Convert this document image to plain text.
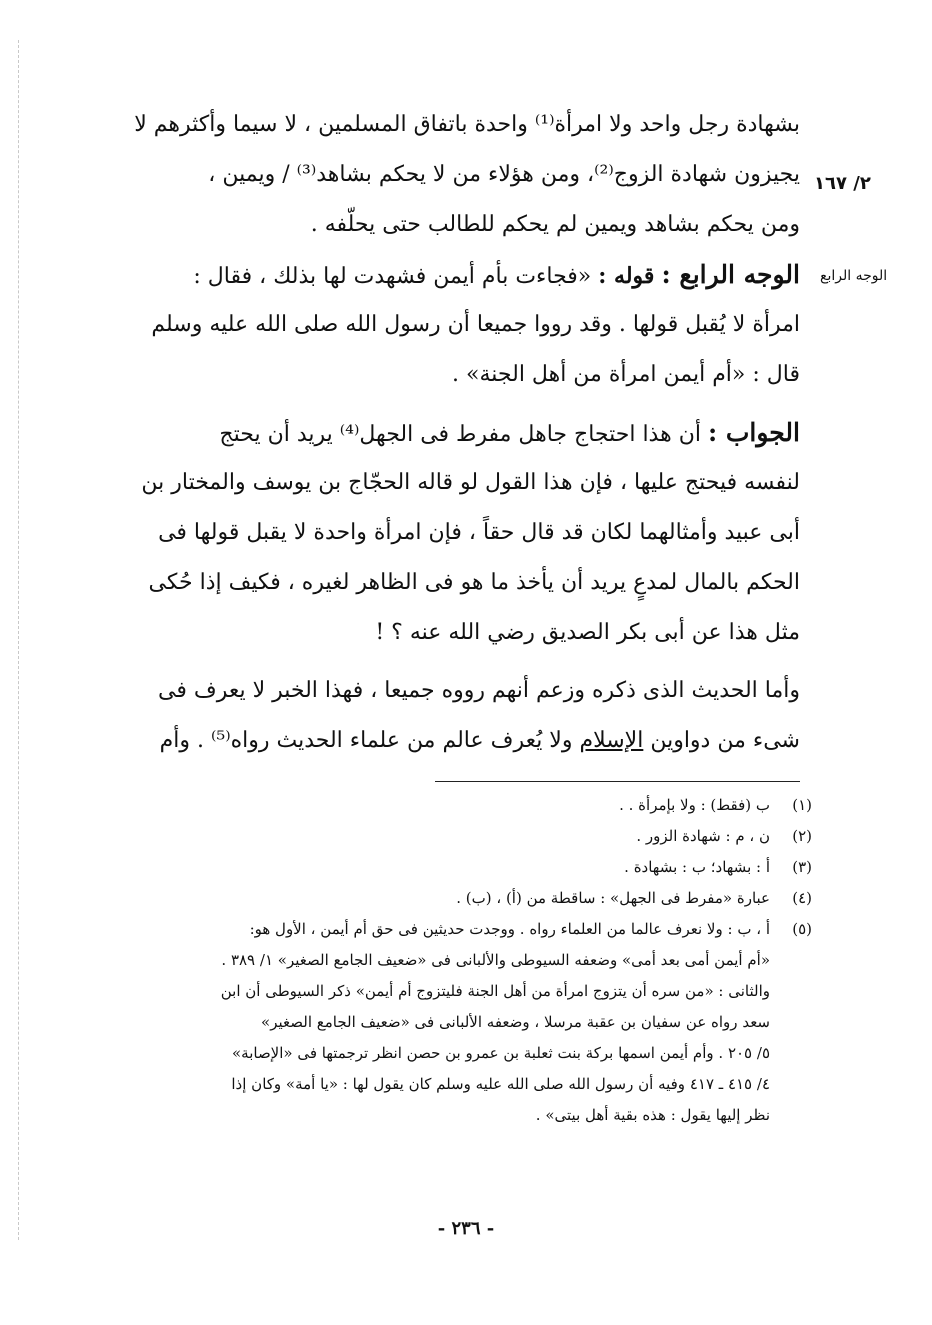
٢/ ١٦٧
الوجه الرابع
بشهادة رجل واحد ولا امرأة⁽¹⁾ واحدة باتفاق المسلمين ، لا سيما وأكثرهم لا
يجيزون شهادة الزوج⁽²⁾، ومن هؤلاء من لا يحكم بشاهد⁽³⁾ / ويمين ،
ومن يحكم بشاهد ويمين لم يحكم للطالب حتى يحلّفه .
الوجه الرابع : قوله : «فجاءت بأم أيمن فشهدت لها بذلك ، فقال :
امرأة لا يُقبل قولها . وقد رووا جميعا أن رسول الله صلى الله عليه وسلم
قال : «أم أيمن امرأة من أهل الجنة» .
الجواب : أن هذا احتجاج جاهل مفرط فى الجهل⁽⁴⁾ يريد أن يحتج
لنفسه فيحتج عليها ، فإن هذا القول لو قاله الحجّاج بن يوسف والمختار بن
أبى عبيد وأمثالهما لكان قد قال حقاً ، فإن امرأة واحدة لا يقبل قولها فى
الحكم بالمال لمدعٍ يريد أن يأخذ ما هو فى الظاهر لغيره ، فكيف إذا حُكى
مثل هذا عن أبى بكر الصديق رضي الله عنه ؟ !
وأما الحديث الذى ذكره وزعم أنهم رووه جميعا ، فهذا الخبر لا يعرف فى
شىء من دواوين الإسلام ولا يُعرف عالم من علماء الحديث رواه⁽⁵⁾ . وأم
(١)
ب (فقط) : ولا بإمرأة . .
(٢)
ن ، م : شهادة الزور .
(٣)
أ : بشهاد؛ ب : بشهادة .
(٤)
عبارة «مفرط فى الجهل» : ساقطة من (أ) ، (ب) .
(٥)
أ ، ب : ولا نعرف عالما من العلماء رواه . ووجدت حديثين فى حق أم أيمن ، الأول هو:
«أم أيمن أمى بعد أمى» وضعفه السيوطى والألبانى فى «ضعيف الجامع الصغير» ١/ ٣٨٩ .
والثانى : «من سره أن يتزوج امرأة من أهل الجنة فليتزوج أم أيمن» ذكر السيوطى أن ابن
سعد رواه عن سفيان بن عقبة مرسلا ، وضعفه الألبانى فى «ضعيف الجامع الصغير»
٥/ ٢٠٥ . وأم أيمن اسمها بركة بنت ثعلبة بن عمرو بن حصن انظر ترجمتها فى «الإصابة»
٤/ ٤١٥ ـ ٤١٧ وفيه أن رسول الله صلى الله عليه وسلم كان يقول لها : «يا أمة» وكان إذا
نظر إليها يقول : هذه بقية أهل بيتى» .
- ٢٣٦ -
